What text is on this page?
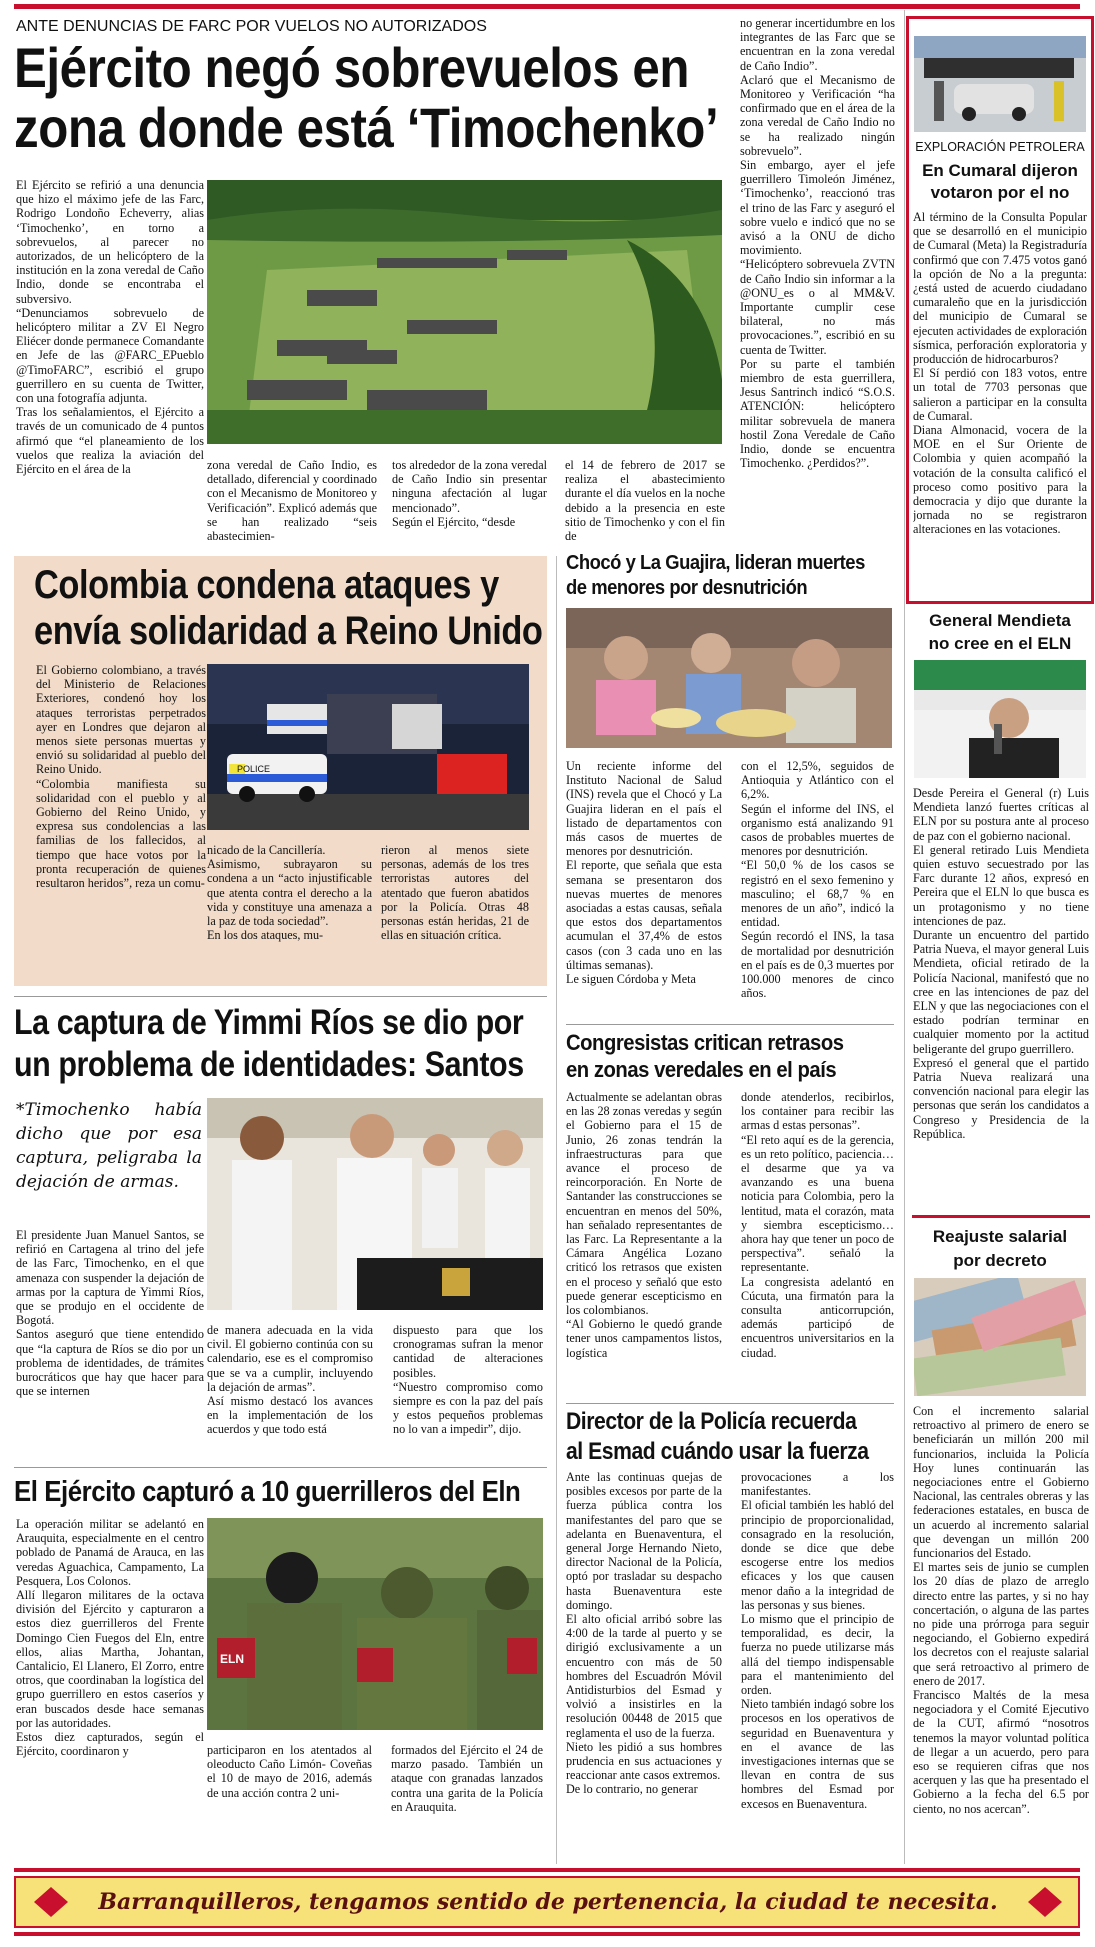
ANTE DENUNCIAS DE FARC POR VUELOS NO AUTORIZADOS
Ejército negó sobrevuelos en
zona donde está ‘Timochenko’
El Ejército se refirió a una denuncia que hizo el máximo jefe de las Farc, Rodrigo Londoño Echeverry, alias ‘Timochenko’, en torno a sobrevuelos, al parecer no autorizados, de un helicóptero de la institución en la zona veredal de Caño Indio, donde se encontraba el subversivo.
“Denunciamos sobrevuelo de helicóptero militar a ZV El Negro Eliécer donde permanece Comandante en Jefe de las @FARC_EPueblo @TimoFARC”, escribió el grupo guerrillero en su cuenta de Twitter, con una fotografía adjunta.
Tras los señalamientos, el Ejército a través de un comunicado de 4 puntos afirmó que “el planeamiento de los vuelos que realiza la aviación del Ejército en el área de la	zona veredal de Caño Indio, es detallado, diferencial y coordinado con el Mecanismo de Monitoreo y Verificación”. Explicó además que se han realizado “seis abastecimien-
tos alrededor de la zona veredal de Caño Indio sin presentar ninguna afectación al lugar mencionado”.
Según el Ejército, “desde
el 14 de febrero de 2017 se realiza el abastecimiento durante el día vuelos en la noche debido a la presencia en este sitio de Timochenko y con el fin de
no generar incertidumbre en los integrantes de las Farc que se encuentran en la zona veredal de Caño Indio”.
Aclaró que el Mecanismo de Monitoreo y Verificación “ha confirmado que en el área de la zona veredal de Caño Indio no se ha realizado ningún sobrevuelo”.
Sin embargo, ayer el jefe guerrillero Timoleón Jiménez, ‘Timochenko’, reaccionó tras el trino de las Farc y aseguró el sobre vuelo e indicó que no se avisó a la ONU de dicho movimiento.
“Helicóptero sobrevuela ZVTN de Caño Indio sin informar a la @ONU_es o al MM&V. Importante cumplir cese bilateral, no más provocaciones.”, escribió en su cuenta de Twitter.
Por su parte el también miembro de esta guerrillera, Jesus Santrinch indicó “S.O.S. ATENCIÓN: helicóptero militar sobrevuela de manera hostil Zona Veredale de Caño Indio, donde se encuentra Timochenko. ¿Perdidos?”.
Colombia condena ataques y
envía solidaridad a Reino Unido
El Gobierno colombiano, a través del Ministerio de Relaciones Exteriores, condenó hoy los ataques terroristas perpetrados ayer en Londres que dejaron al menos siete personas muertas y envió su solidaridad al pueblo del Reino Unido.
“Colombia manifiesta su solidaridad con el pueblo y al Gobierno del Reino Unido, y expresa sus condolencias a las familias de los fallecidos, al tiempo que hace votos por la pronta recuperación de quienes resultaron heridos”, reza un comu-
POLICE
nicado de la Cancillería.
Asimismo, subrayaron su condena a un “acto injustificable que atenta contra el derecho a la vida y constituye una amenaza a la paz de toda sociedad”.
En los dos ataques, mu-
rieron al menos siete personas, además de los tres terroristas autores del atentado que fueron abatidos por la Policía. Otras 48 personas están heridas, 21 de ellas en situación crítica.
Chocó y La Guajira, lideran muertes
de menores por desnutrición
Un reciente informe del Instituto Nacional de Salud (INS) revela que el Chocó y La Guajira lideran en el país el listado de departamentos con más casos de muertes de menores por desnutrición.
El reporte, que señala que esta semana se presentaron dos nuevas muertes de menores asociadas a estas causas, señala que estos dos departamentos acumulan el 37,4% de estos casos (con 3 cada uno en las últimas semanas).
Le siguen Córdoba y Meta
con el 12,5%, seguidos de Antioquia y Atlántico con el 6,2%.
Según el informe del INS, el organismo está analizando 91 casos de probables muertes de menores por desnutrición.
“El 50,0 % de los casos se registró en el sexo femenino y masculino; el 68,7 % en menores de un año”, indicó la entidad.
Según recordó el INS, la tasa de mortalidad por desnutrición en el país es de 0,3 muertes por 100.000 menores de cinco años.
La captura de Yimmi Ríos se dio por
un problema de identidades: Santos
*Timochenko había dicho que por esa captura, peligraba la dejación de armas.
El presidente Juan Manuel Santos, se refirió en Cartagena al trino del jefe de las Farc, Timochenko, en el que amenaza con suspender la dejación de armas por la captura de Yimmi Ríos, que se produjo en el occidente de Bogotá.
Santos aseguró que tiene entendido que “la captura de Ríos se dio por un problema de identidades, de trámites burocráticos que hay que hacer para que se internen
de manera adecuada en la vida civil. El gobierno continúa con su calendario, ese es el compromiso que se va a cumplir, incluyendo la dejación de armas”.
Así mismo destacó los avances en la implementación de los acuerdos y que todo está
dispuesto para que los cronogramas sufran la menor cantidad de alteraciones posibles.
“Nuestro compromiso como siempre es con la paz del país y estos pequeños problemas no lo van a impedir”, dijo.
Congresistas critican retrasos
en zonas veredales en el país
Actualmente se adelantan obras en las 28 zonas veredas y según el Gobierno para el 15 de Junio, 26 zonas tendrán la infraestructuras para que avance el proceso de reincorporación. En Norte de Santander las construcciones se encuentran en menos del 50%, han señalado representantes de las Farc. La Representante a la Cámara Angélica Lozano criticó los retrasos que existen en el proceso y señaló que esto puede generar escepticismo en los colombianos.
“Al Gobierno le quedó grande tener unos campamentos listos, logística
donde atenderlos, recibirlos, los container para recibir las armas d estas personas”.
“El reto aquí es de la gerencia, es un reto político, paciencia… el desarme que ya va avanzando es una buena noticia para Colombia, pero la lentitud, mata el corazón, mata y siembra escepticismo… ahora hay que tener un poco de perspectiva”. señaló la representante.
La congresista adelantó en Cúcuta, una firmatón para la consulta anticorrupción, además participó de encuentros universitarios en la ciudad.
El Ejército capturó a 10 guerrilleros del Eln
La operación militar se adelantó en Arauquita, especialmente en el centro poblado de Panamá de Arauca, en las veredas Aguachica, Campamento, La Pesquera, Los Colonos.
Allí llegaron militares de la octava división del Ejército y capturaron a estos diez guerrilleros del Frente Domingo Cien Fuegos del Eln, entre ellos, alias Martha, Johantan, Cantalicio, El Llanero, El Zorro, entre otros, que coordinaban la logística del grupo guerrillero en estos caseríos y eran buscados desde hace semanas por las autoridades.
Estos diez capturados, según el Ejército, coordinaron y
ELN
participaron en los atentados al oleoducto Caño Limón- Coveñas el 10 de mayo de 2016, además de una acción contra 2 uni-
formados del Ejército el 24 de marzo pasado. También un ataque con granadas lanzados contra una garita de la Policía en Arauquita.
Director de la Policía recuerda
al Esmad cuándo usar la fuerza
Ante las continuas quejas de posibles excesos por parte de la fuerza pública contra los manifestantes del paro que se adelanta en Buenaventura, el general Jorge Hernando Nieto, director Nacional de la Policía, optó por trasladar su despacho hasta Buenaventura este domingo.
El alto oficial arribó sobre las 4:00 de la tarde al puerto y se dirigió exclusivamente a un encuentro con más de 50 hombres del Escuadrón Móvil Antidisturbios del Esmad y volvió a insistirles en la resolución 00448 de 2015 que reglamenta el uso de la fuerza.
Nieto les pidió a sus hombres prudencia en sus actuaciones y reaccionar ante casos extremos.
De lo contrario, no generar
provocaciones a los manifestantes.
El oficial también les habló del principio de proporcionalidad, consagrado en la resolución, donde se dice que debe escogerse entre los medios eficaces y los que causen menor daño a la integridad de las personas y sus bienes.
Lo mismo que el principio de temporalidad, es decir, la fuerza no puede utilizarse más allá del tiempo indispensable para el mantenimiento del orden.
Nieto también indagó sobre los procesos en los operativos de seguridad en Buenaventura y en el avance de las investigaciones internas que se llevan en contra de sus hombres del Esmad por excesos en Buenaventura.
EXPLORACIÓN PETROLERA
En Cumaral dijeron
votaron por el no
Al término de la Consulta Popular que se desarrolló en el municipio de Cumaral (Meta) la Registraduría confirmó que con 7.475 votos ganó la opción de No a la pregunta: ¿está usted de acuerdo ciudadano cumaraleño que en la jurisdicción del municipio de Cumaral se ejecuten actividades de exploración sísmica, perforación exploratoria y producción de hidrocarburos?
El Sí perdió con 183 votos, entre un total de 7703 personas que salieron a participar en la consulta de Cumaral.
Diana Almonacid, vocera de la MOE en el Sur Oriente de Colombia y quien acompañó la votación de la consulta calificó el proceso como positivo para la democracia y dijo que durante la jornada no se registraron alteraciones en las votaciones.
General Mendieta
no cree en el ELN
Desde Pereira el General (r) Luis Mendieta lanzó fuertes críticas al ELN por su postura ante al proceso de paz con el gobierno nacional.
El general retirado Luis Mendieta quien estuvo secuestrado por las Farc durante 12 años, expresó en Pereira que el ELN lo que busca es un protagonismo y no tiene intenciones de paz.
Durante un encuentro del partido Patria Nueva, el mayor general Luis Mendieta, oficial retirado de la Policía Nacional, manifestó que no cree en las intenciones de paz del ELN y que las negociaciones con el estado podrían terminar en cualquier momento por la actitud beligerante del grupo guerrillero.
Expresó el general que el partido Patria Nueva realizará una convención nacional para elegir las personas que serán los candidatos a Congreso y Presidencia de la República.
Reajuste salarial
por decreto
Con el incremento salarial retroactivo al primero de enero se beneficiarán un millón 200 mil funcionarios, incluida la Policía Hoy lunes continuarán las negociaciones entre el Gobierno Nacional, las centrales obreras y las federaciones estatales, en busca de un acuerdo al incremento salarial que devengan un millón 200 funcionarios del Estado.
El martes seis de junio se cumplen los 20 días de plazo de arreglo directo entre las partes, y si no hay concertación, o alguna de las partes no pide una prórroga para seguir negociando, el Gobierno expedirá los decretos con el reajuste salarial que será retroactivo al primero de enero de 2017.
Francisco Maltés de la mesa negociadora y el Comité Ejecutivo de la CUT, afirmó “nosotros tenemos la mayor voluntad política de llegar a un acuerdo, pero para eso se requieren cifras que nos acerquen y las que ha presentado el Gobierno a la fecha del 6.5 por ciento, no nos acercan”.
Barranquilleros, tengamos sentido de pertenencia, la ciudad te necesita.
